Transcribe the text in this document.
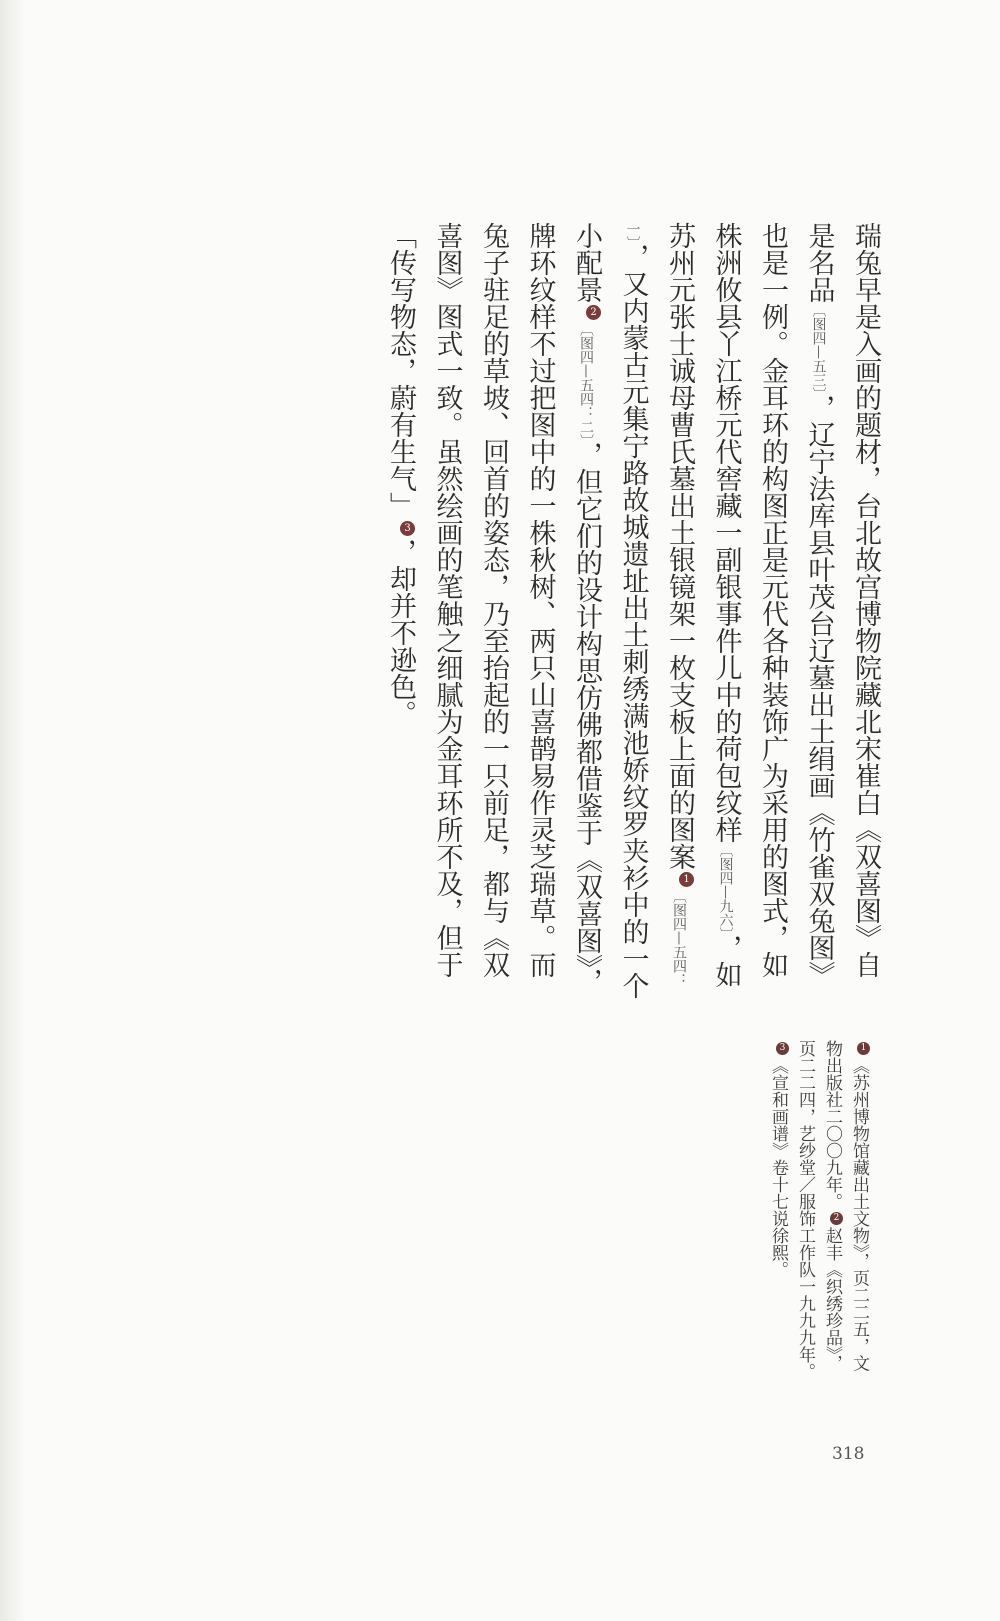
瑞兔早是入画的题材，台北故宫博物院藏北宋崔白《双喜图》自是名品〔图四—五三〕，辽宁法库县叶茂台辽墓出土绢画《竹雀双兔图》也是一例。金耳环的构图正是元代各种装饰广为采用的图式，如株洲攸县丫江桥元代窖藏一副银事件儿中的荷包纹样〔图四—九六〕，如苏州元张士诚母曹氏墓出土银镜架一枚支板上面的图案1〔图四—五四：一〕，又内蒙古元集宁路故城遗址出土刺绣满池娇纹罗夹衫中的一个小配景2〔图四—五四：二〕，但它们的设计构思仿佛都借鉴于《双喜图》，牌环纹样不过把图中的一株秋树、两只山喜鹊易作灵芝瑞草。而兔子驻足的草坡、回首的姿态，乃至抬起的一只前足，都与《双喜图》图式一致。虽然绘画的笔触之细腻为金耳环所不及，但于「传写物态，蔚有生气」3，却并不逊色。
1《苏州博物馆藏出土文物》，页二二五，文物出版社二〇〇九年。2赵丰《织绣珍品》，页二二四，艺纱堂／服饰工作队一九九九年。3《宣和画谱》卷十七说徐熙。
318
